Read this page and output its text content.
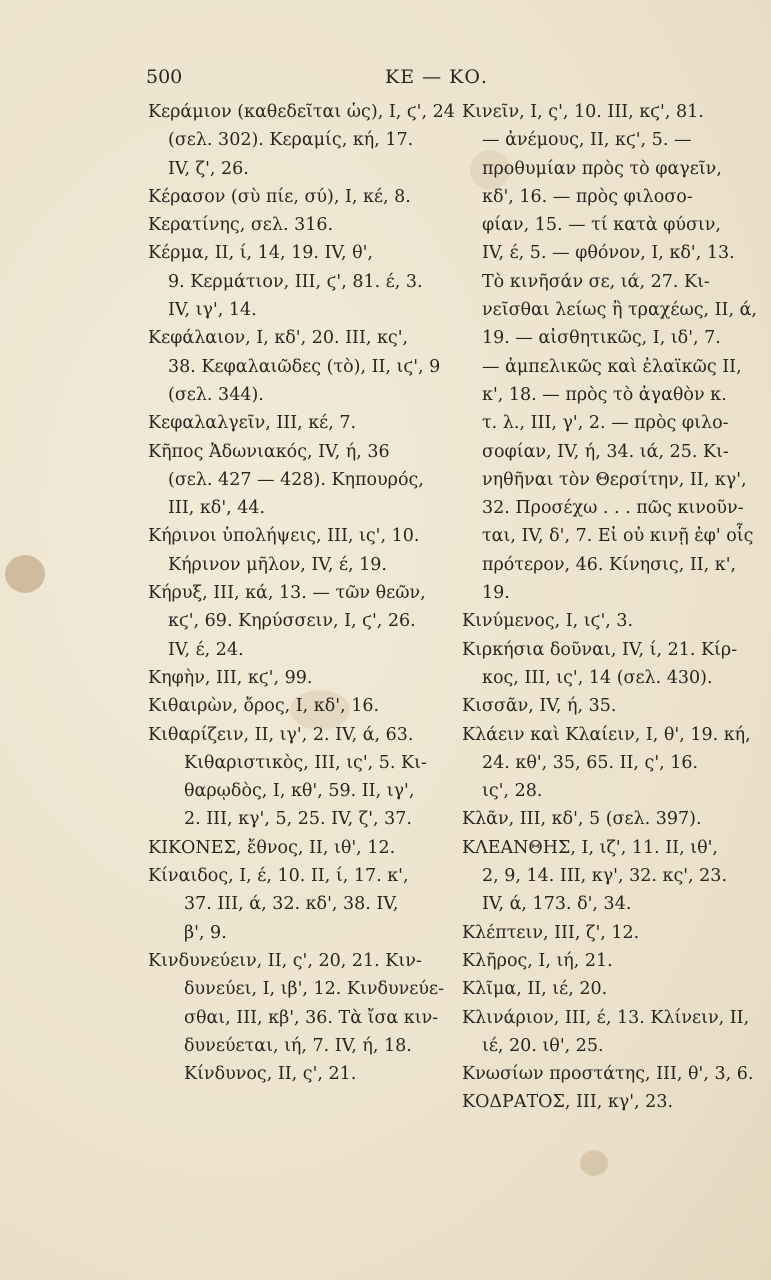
500	ΚΕ — ΚΟ.
Κεράμιον (καθεδεῖται ὡς), I, ϛ', 24
(σελ. 302). Κεραμίς, κή, 17.
IV, ζ', 26.
Κέρασον (σὺ πίε, σύ), I, κέ, 8.
Κερατίνης, σελ. 316.
Κέρμα, II, ί, 14, 19. IV, θ',
9. Κερμάτιον, III, ϛ', 81. έ, 3.
IV, ιγ', 14.
Κεφάλαιον, I, κδ', 20. III, κς',
38. Κεφαλαιῶδες (τὸ), II, ιϛ', 9
(σελ. 344).
Κεφαλαλγεῖν, III, κέ, 7.
Κῆπος Ἀδωνιακός, IV, ή, 36
(σελ. 427 — 428). Κηπουρός,
III, κδ', 44.
Κήρινοι ὑπολήψεις, III, ις', 10.
Κήρινον μῆλον, IV, έ, 19.
Κήρυξ, III, κά, 13. — τῶν θεῶν,
κϛ', 69. Κηρύσσειν, I, ϛ', 26.
IV, έ, 24.
Κηφὴν, III, κϛ', 99.
Κιθαιρὼν, ὄρος, I, κδ', 16.
Κιθαρίζειν, II, ιγ', 2. IV, ά, 63.
Κιθαριστικὸς, III, ις', 5. Κι-
θαρῳδὸς, I, κθ', 59. II, ιγ',
2. III, κγ', 5, 25. IV, ζ', 37.
ΚΙΚΟΝΕΣ, ἔθνος, II, ιθ', 12.
Κίναιδος, I, έ, 10. II, ί, 17. κ',
37. III, ά, 32. κδ', 38. IV,
β', 9.
Κινδυνεύειν, II, ς', 20, 21. Κιν-
δυνεύει, I, ιβ', 12. Κινδυνεύε-
σθαι, III, κβ', 36. Τὰ ἴσα κιν-
δυνεύεται, ιή, 7. IV, ή, 18.
Κίνδυνος, II, ς', 21.
Κινεῖν, I, ς', 10. III, κϛ', 81.
— ἀνέμους, II, κϛ', 5. —
προθυμίαν πρὸς τὸ φαγεῖν,
κδ', 16. — πρὸς φιλοσο-
φίαν, 15. — τί κατὰ φύσιν,
IV, έ, 5. — φθόνον, I, κδ', 13.
Τὸ κινῆσάν σε, ιά, 27. Κι-
νεῖσθαι λείως ἢ τραχέως, II, ά,
19. — αἰσθητικῶς, I, ιδ', 7.
— ἀμπελικῶς καὶ ἐλαϊκῶς II,
κ', 18. — πρὸς τὸ ἀγαθὸν κ.
τ. λ., III, γ', 2. — πρὸς φιλο-
σοφίαν, IV, ή, 34. ιά, 25. Κι-
νηθῆναι τὸν Θερσίτην, II, κγ',
32. Προσέχω . . . πῶς κινοῦν-
ται, IV, δ', 7. Εἰ οὐ κινῇ ἐφ' οἷς
πρότερον, 46. Κίνησις, II, κ',
19.
Κινύμενος, I, ιϛ', 3.
Κιρκήσια δοῦναι, IV, ί, 21. Κίρ-
κος, III, ις', 14 (σελ. 430).
Κισσᾶν, IV, ή, 35.
Κλάειν καὶ Κλαίειν, I, θ', 19. κή,
24. κθ', 35, 65. II, ς', 16.
ις', 28.
Κλᾶν, III, κδ', 5 (σελ. 397).
ΚΛΕΑΝΘΗΣ, I, ιζ', 11. II, ιθ',
2, 9, 14. III, κγ', 32. κς', 23.
IV, ά, 173. δ', 34.
Κλέπτειν, III, ζ', 12.
Κλῆρος, I, ιή, 21.
Κλῖμα, II, ιέ, 20.
Κλινάριον, III, έ, 13. Κλίνειν, II,
ιέ, 20. ιθ', 25.
Κνωσίων προστάτης, III, θ', 3, 6.
ΚΟΔΡΑΤΟΣ, III, κγ', 23.
